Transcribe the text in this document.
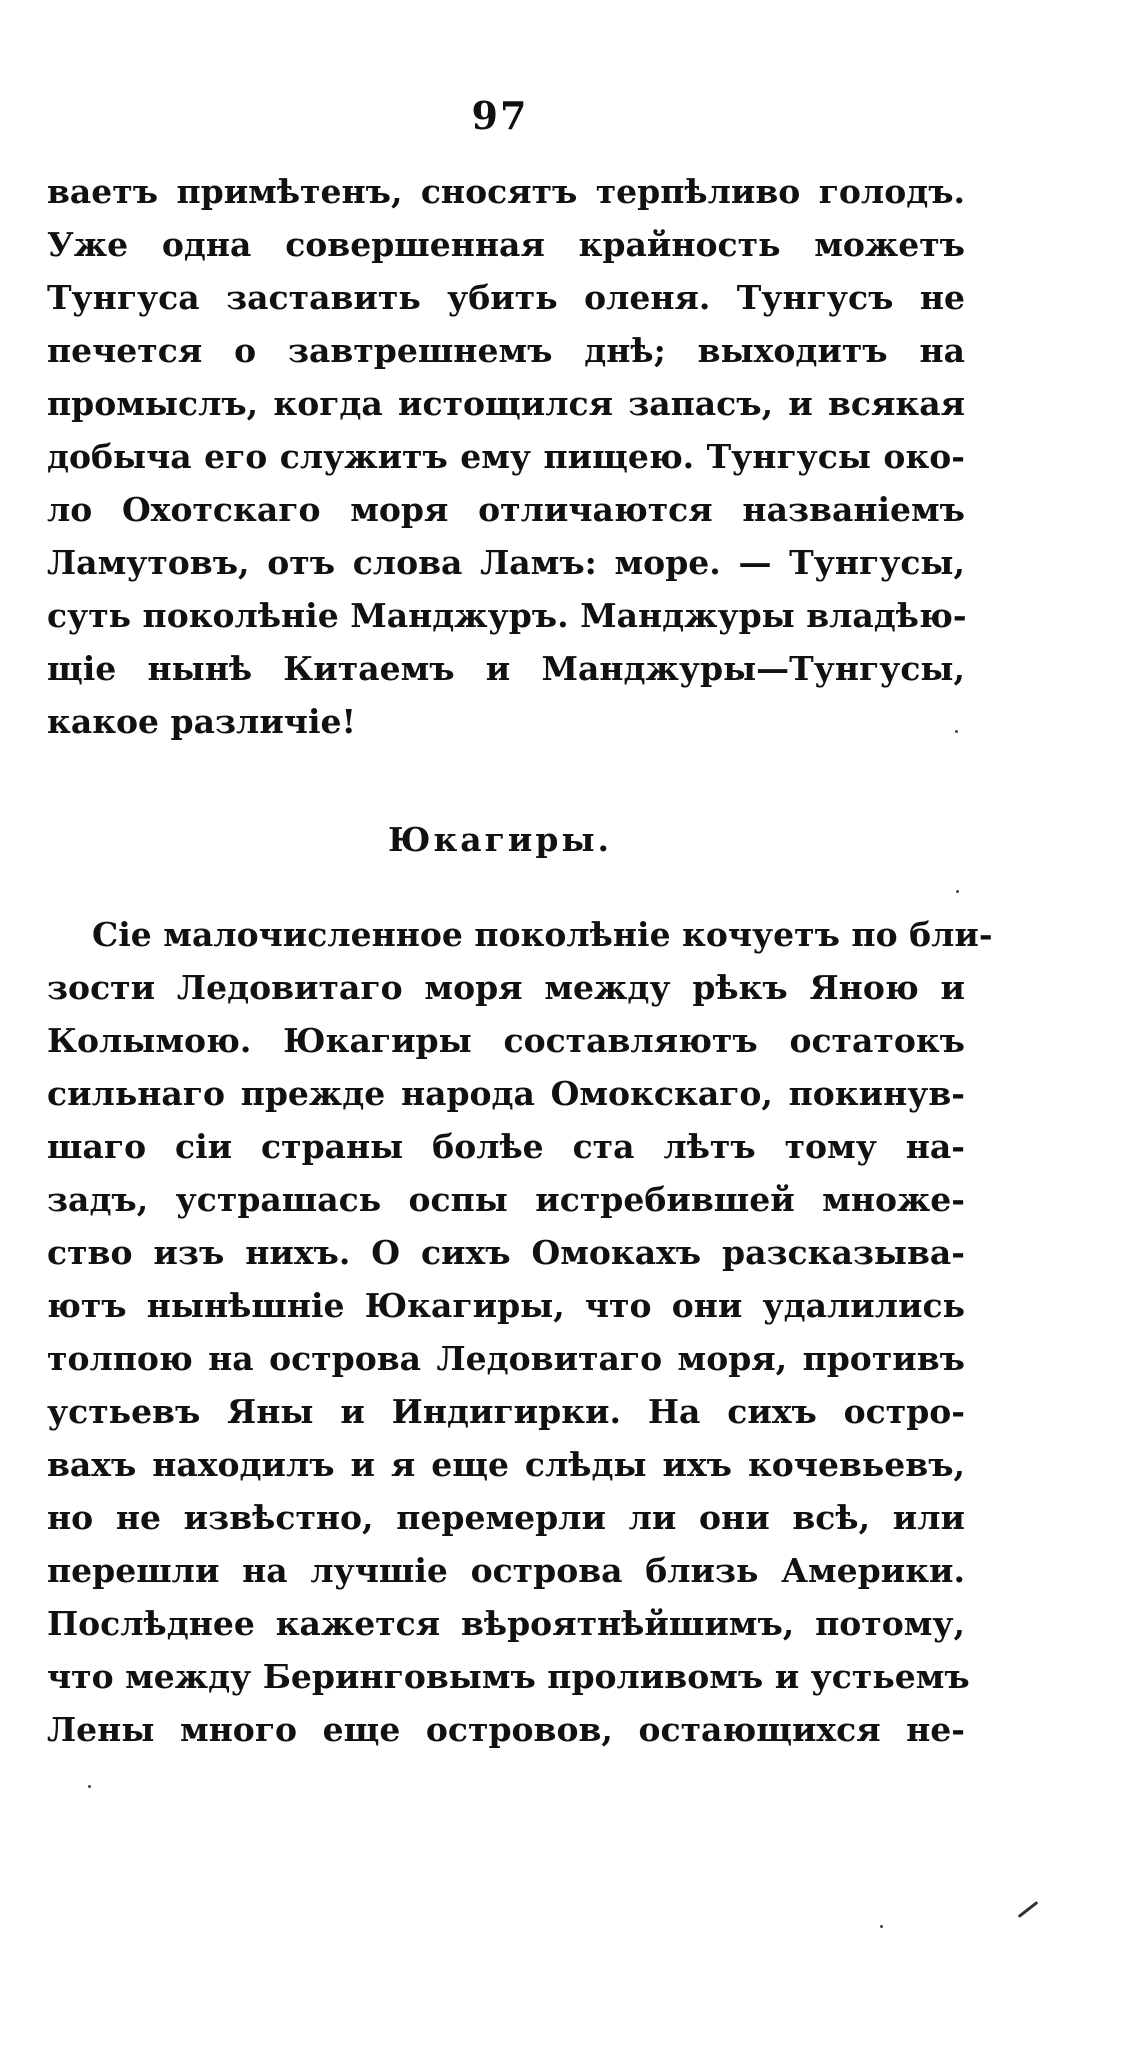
97
ваетъ примѣтенъ, сносятъ терпѣливо голодъ.
Уже одна совершенная крайность можетъ
Тунгуса заставить убить оленя. Тунгусъ не
печется о завтрешнемъ днѣ; выходитъ на
промыслъ, когда истощился запасъ, и всякая
добыча его служитъ ему пищею. Тунгусы око-
ло Охотскаго моря отличаются названіемъ
Ламутовъ, отъ слова Ламъ: море. — Тунгусы,
суть поколѣніе Манджуръ. Манджуры владѣю-
щіе нынѣ Китаемъ и Манджуры—Тунгусы,
какое различіе!
Юкагиры.
Сіе малочисленное поколѣніе кочуетъ по бли-
зости Ледовитаго моря между рѣкъ Яною и
Колымою. Юкагиры составляютъ остатокъ
сильнаго прежде народа Омокскаго, покинув-
шаго сіи страны болѣе ста лѣтъ тому на-
задъ, устрашась оспы истребившей множе-
ство изъ нихъ. О сихъ Омокахъ разсказыва-
ютъ нынѣшніе Юкагиры, что они удалились
толпою на острова Ледовитаго моря, противъ
устьевъ Яны и Индигирки. На сихъ остро-
вахъ находилъ и я еще слѣды ихъ кочевьевъ,
но не извѣстно, перемерли ли они всѣ, или
перешли на лучшіе острова близь Америки.
Послѣднее кажется вѣроятнѣйшимъ, потому,
что между Беринговымъ проливомъ и устьемъ
Лены много еще островов, остающихся не-
